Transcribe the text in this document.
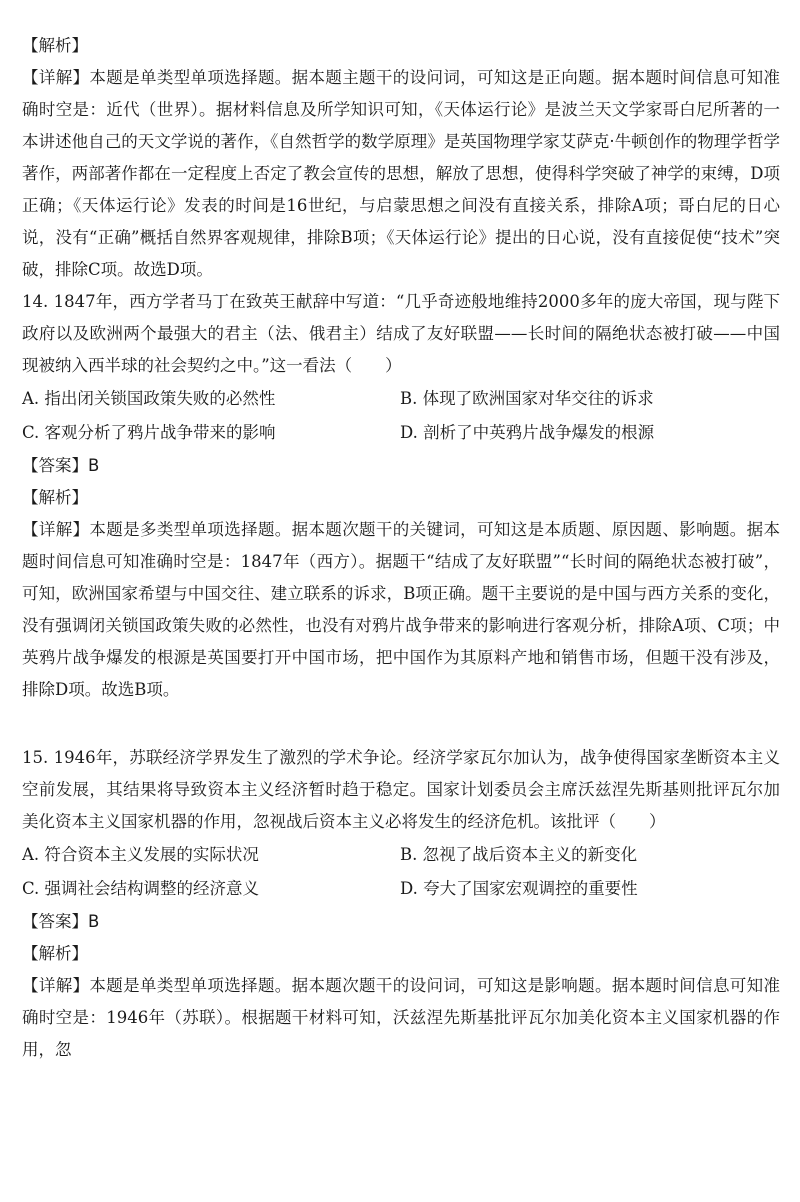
【解析】

【详解】本题是单类型单项选择题。据本题主题干的设问词，可知这是正向题。据本题时间信息可知准确时空是：近代（世界）。据材料信息及所学知识可知，《天体运行论》是波兰天文学家哥白尼所著的一本讲述他自己的天文学说的著作，《自然哲学的数学原理》是英国物理学家艾萨克·牛顿创作的物理学哲学著作，两部著作都在一定程度上否定了教会宣传的思想，解放了思想，使得科学突破了神学的束缚，D项正确；《天体运行论》发表的时间是16世纪，与启蒙思想之间没有直接关系，排除A项；哥白尼的日心说，没有“正确”概括自然界客观规律，排除B项；《天体运行论》提出的日心说，没有直接促使“技术”突破，排除C项。故选D项。

14. 1847年，西方学者马丁在致英王献辞中写道：“几乎奇迹般地维持2000多年的庞大帝国，现与陛下政府以及欧洲两个最强大的君主（法、俄君主）结成了友好联盟——长时间的隔绝状态被打破——中国现被纳入西半球的社会契约之中。”这一看法（　　）

A. 指出闭关锁国政策失败的必然性	B. 体现了欧洲国家对华交往的诉求
C. 客观分析了鸦片战争带来的影响	D. 剖析了中英鸦片战争爆发的根源
【答案】B
【解析】

【详解】本题是多类型单项选择题。据本题次题干的关键词，可知这是本质题、原因题、影响题。据本题时间信息可知准确时空是：1847年（西方）。据题干“结成了友好联盟”“长时间的隔绝状态被打破”，可知，欧洲国家希望与中国交往、建立联系的诉求，B项正确。题干主要说的是中国与西方关系的变化，没有强调闭关锁国政策失败的必然性，也没有对鸦片战争带来的影响进行客观分析，排除A项、C项；中英鸦片战争爆发的根源是英国要打开中国市场，把中国作为其原料产地和销售市场，但题干没有涉及，排除D项。故选B项。

15. 1946年，苏联经济学界发生了激烈的学术争论。经济学家瓦尔加认为，战争使得国家垄断资本主义空前发展，其结果将导致资本主义经济暂时趋于稳定。国家计划委员会主席沃兹涅先斯基则批评瓦尔加美化资本主义国家机器的作用，忽视战后资本主义必将发生的经济危机。该批评（　　）

A. 符合资本主义发展的实际状况	B. 忽视了战后资本主义的新变化
C. 强调社会结构调整的经济意义	D. 夸大了国家宏观调控的重要性
【答案】B
【解析】

【详解】本题是单类型单项选择题。据本题次题干的设问词，可知这是影响题。据本题时间信息可知准确时空是：1946年（苏联）。根据题干材料可知，沃兹涅先斯基批评瓦尔加美化资本主义国家机器的作用，忽
